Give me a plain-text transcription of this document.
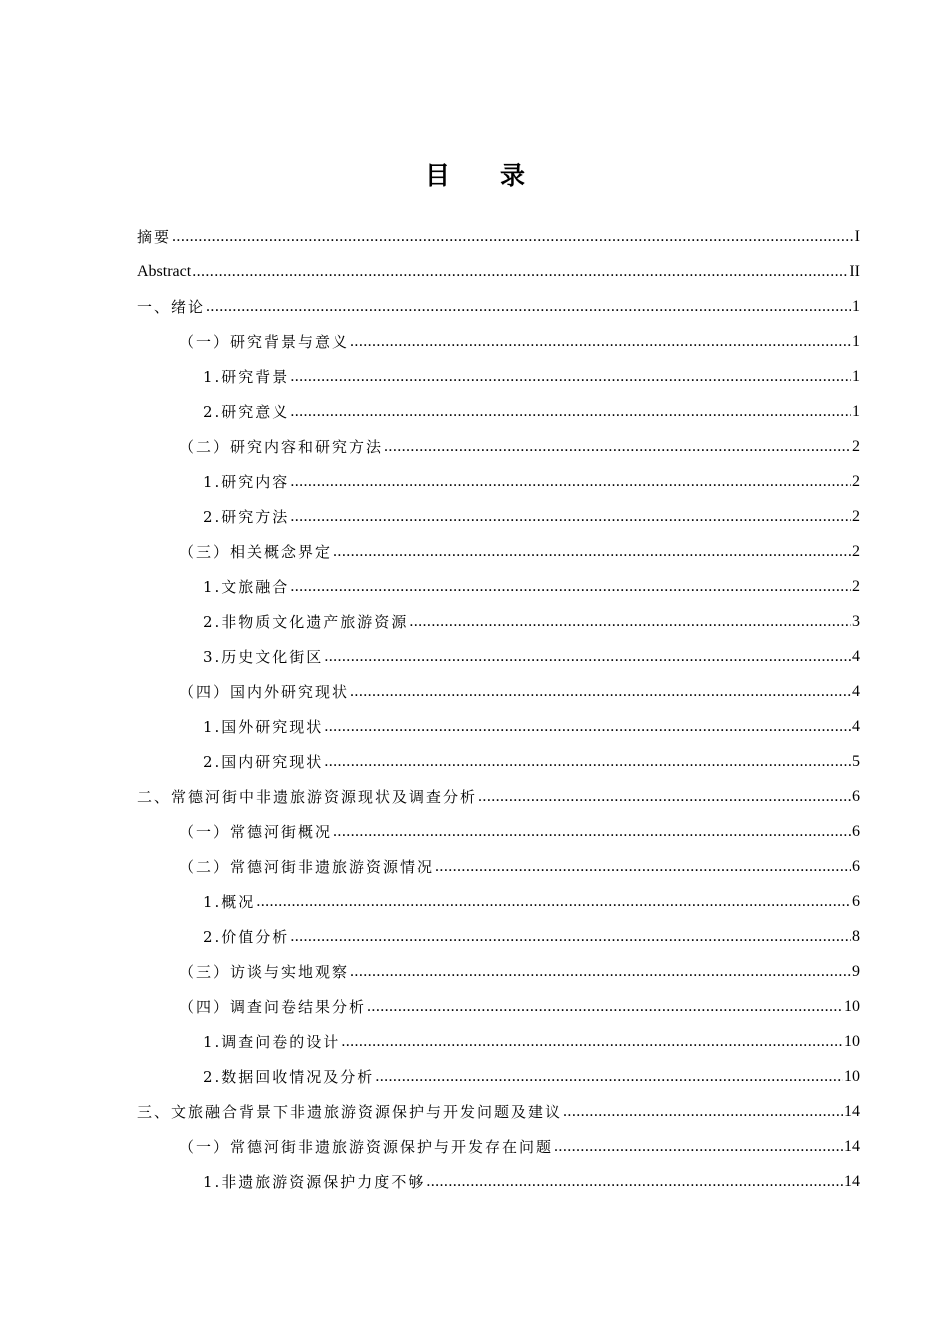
目录
摘要 .....	I
Abstract .....	II
一、绪论 .....	1
（一）研究背景与意义 .....	1
1.研究背景 .....	1
2.研究意义 .....	1
（二）研究内容和研究方法 .....	2
1.研究内容 .....	2
2.研究方法 .....	2
（三）相关概念界定 .....	2
1.文旅融合 .....	2
2.非物质文化遗产旅游资源 .....	3
3.历史文化街区 .....	4
（四）国内外研究现状 .....	4
1.国外研究现状 .....	4
2.国内研究现状 .....	5
二、常德河街中非遗旅游资源现状及调查分析 .....	6
（一）常德河街概况 .....	6
（二）常德河街非遗旅游资源情况 .....	6
1.概况 .....	6
2.价值分析 .....	8
（三）访谈与实地观察 .....	9
（四）调查问卷结果分析 .....	10
1.调查问卷的设计 .....	10
2.数据回收情况及分析 .....	10
三、文旅融合背景下非遗旅游资源保护与开发问题及建议 .....	14
（一）常德河街非遗旅游资源保护与开发存在问题 .....	14
1.非遗旅游资源保护力度不够 .....	14
